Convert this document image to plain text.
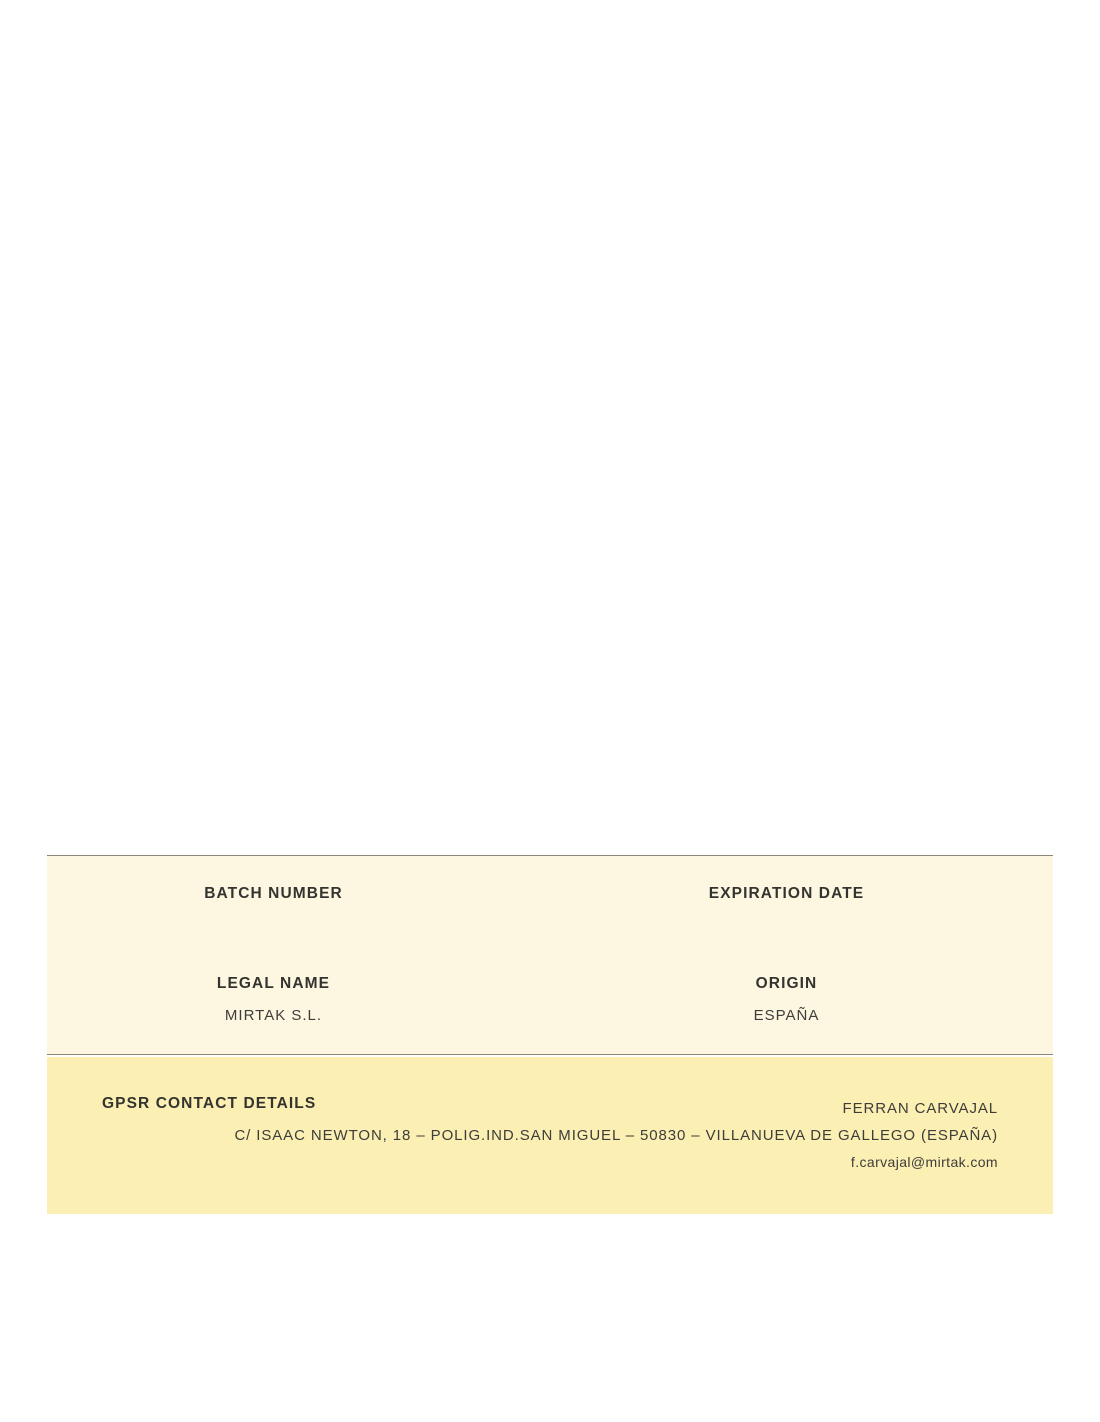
BATCH NUMBER	EXPIRATION DATE
LEGAL NAME
MIRTAK S.L.
ORIGIN
ESPAÑA
GPSR CONTACT DETAILS	FERRAN CARVAJAL
C/ ISAAC NEWTON, 18 – POLIG.IND.SAN MIGUEL – 50830 – VILLANUEVA DE GALLEGO (ESPAÑA)
f.carvajal@mirtak.com
